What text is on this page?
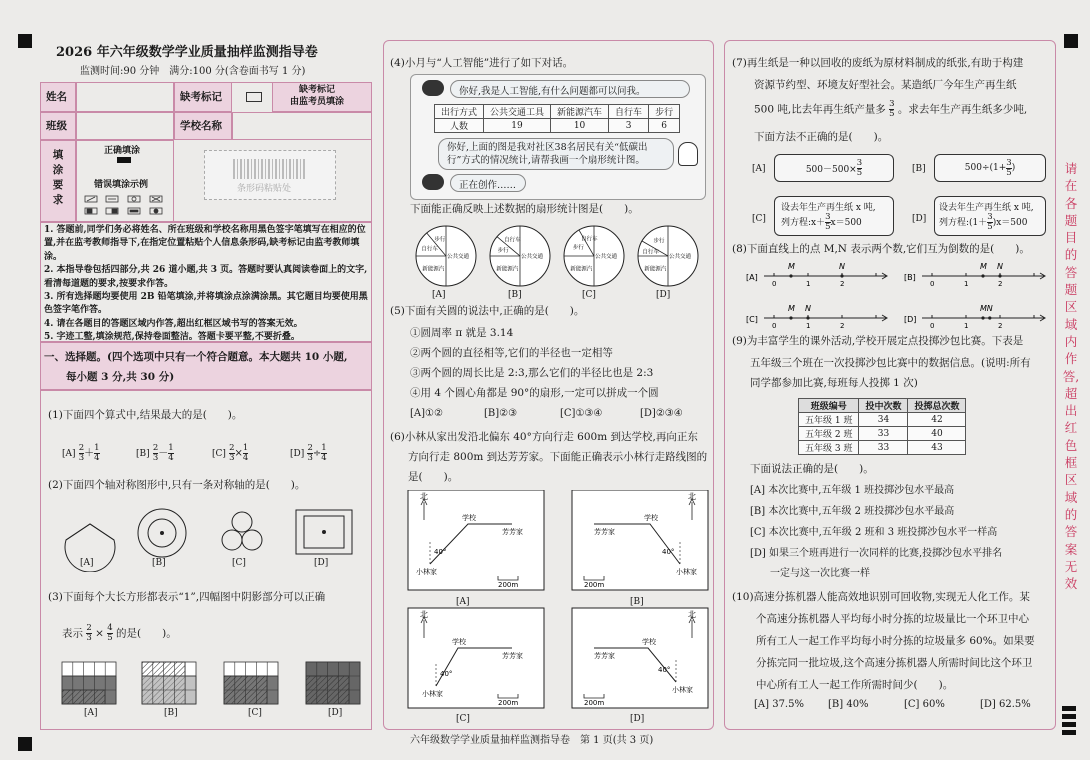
2026 年六年级数学学业质量抽样监测指导卷
监测时间:90 分钟　满分:100 分(含卷面书写 1 分)
姓名	缺考标记
缺考标记
由监考员填涂
班级	学校名称
填涂要求
正确填涂
错误填涂示例	条形码粘贴处
1. 答题前,同学们务必将姓名、所在班级和学校名称用黑色签字笔填写在相应的位置,并在监考教师指导下,在指定位置粘贴个人信息条形码,缺考标记由监考教师填涂。
2. 本指导卷包括四部分,共 26 道小题,共 3 页。答题时要认真阅读卷面上的文字,看清每道题的要求,按要求作答。
3. 所有选择题均要使用 2B 铅笔填涂,并将填涂点涂满涂黑。其它题目均要使用黑色签字笔作答。
4. 请在各题目的答题区域内作答,超出红框区域书写的答案无效。
5. 字迹工整,填涂规范,保持卷面整洁。答题卡要平整,不要折叠。
一、选择题。(四个选项中只有一个符合题意。本大题共 10 小题,
每小题 3 分,共 30 分)
(1)下面四个算式中,结果最大的是(　　)。
$[A] \frac{2}{3} + \frac{1}{4}$	$[B] \frac{2}{3} - \frac{1}{4}$	$[C] \frac{2}{3} \times \frac{1}{4}$	$[D] \frac{2}{3} \div \frac{1}{4}$
(2)下面四个轴对称图形中,只有一条对称轴的是(　　)。
[A]	[B]	[C]	[D]
(3)下面每个大长方形都表示“1”,四幅图中阴影部分可以正确
表示 $\frac{2}{3} \times \frac{4}{5}$ 的是(　　)。
[A]	[B]	[C]	[D]
(4)小月与“人工智能”进行了如下对话。
你好,我是人工智能,有什么问题都可以问我。
出行方式	公共交通工具	新能源汽车	自行车	步行
人数	19	10	3	6
你好,上面的图是我对社区38名居民有关“低碳出行”方式的情况统计,请帮我画一个扇形统计图。
正在创作……
下面能正确反映上述数据的扇形统计图是(　　)。
公共交通
新能源汽
自行车
步行
公共交通
新能源汽
步行
自行车
公共交通
新能源汽
步行
自行车
公共交通
新能源汽
自行车
步行
[A]	[B]	[C]	[D]
(5)下面有关圆的说法中,正确的是(　　)。
①圆周率 π 就是 3.14
②两个圆的直径相等,它们的半径也一定相等
③两个圆的周长比是 2:3,那么它们的半径比也是 2:3
④用 4 个圆心角都是 90°的扇形,一定可以拼成一个圆
[A]①②	[B]②③	[C]①③④	[D]②③④
(6)小林从家出发沿北偏东 40°方向行走 600m 到达学校,再向正东
方向行走 800m 到达芳芳家。下面能正确表示小林行走路线图的
是(　　)。
北
学校
芳芳家
小林家
40°
200m
北
学校
芳芳家
小林家
40°
200m
北
学校
芳芳家
小林家
40°
200m
北
学校
芳芳家
小林家
40°
200m
[A]	[B]
[C]	[D]
(7)再生纸是一种以回收的废纸为原材料制成的纸张,有助于构建
资源节约型、环境友好型社会。某造纸厂今年生产再生纸
500 吨,比去年再生纸产量多 $\frac{3}{5}$ 。求去年生产再生纸多少吨,
下面方法不正确的是(　　)。
[A]	$500-500\times \frac{3}{5}$	[B]	$500\div(1+ \frac{3}{5}$ )
[C]
设去年生产再生纸 x 吨,
列方程:x＋ $\frac{3}{5} x=500$	[D]
设去年生产再生纸 x 吨,
列方程:(1＋ $\frac{3}{5} )x=500$
(8)下面直线上的点 M,N 表示两个数,它们互为倒数的是(　　)。
[A]
0	1	2
M	N
[B]
0	1	2
M N
[C]
0	1	2
M N
[D]
0	1	2
M N
(9)为丰富学生的课外活动,学校开展定点投掷沙包比赛。下表是
五年级三个班在一次投掷沙包比赛中的数据信息。(说明:所有
同学都参加比赛,每班每人投掷 1 次)
班级编号	投中次数	投掷总次数
五年级 1 班	34	42
五年级 2 班	33	40
五年级 3 班	33	43
下面说法正确的是(　　)。
[A] 本次比赛中,五年级 1 班投掷沙包水平最高
[B] 本次比赛中,五年级 2 班投掷沙包水平最高
[C] 本次比赛中,五年级 2 班和 3 班投掷沙包水平一样高
[D] 如果三个班再进行一次同样的比赛,投掷沙包水平排名
一定与这一次比赛一样
(10)高速分拣机器人能高效地识别可回收物,实现无人化工作。某
个高速分拣机器人平均每小时分拣的垃圾量比一个环卫中心
所有工人一起工作平均每小时分拣的垃圾量多 60%。如果要
分拣完同一批垃圾,这个高速分拣机器人所需时间比这个环卫
中心所有工人一起工作所需时间少(　　)。
[A] 37.5% [B] 40%	[C] 60%	[D] 62.5%
请在各题目的答题区域内作答,超出红色框区域的答案无效
六年级数学学业质量抽样监测指导卷　第 1 页(共 3 页)
